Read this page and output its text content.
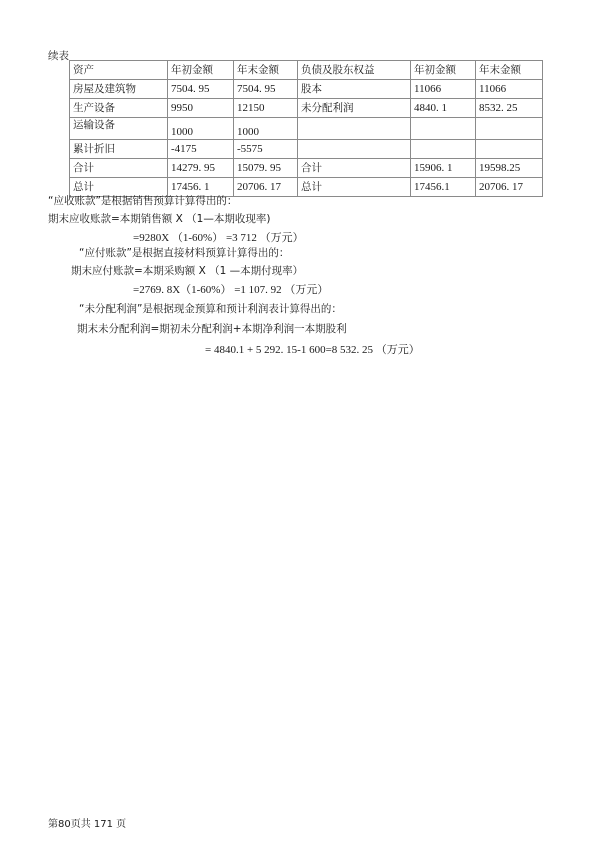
续表
资产	年初金额	年末金额	负债及股东权益	年初金额	年末金额
房屋及建筑物	7504. 95	7504. 95	股本	11066	11066
生产设备	9950	12150	未分配利润	4840. 1	8532. 25
运输设备	1000	1000			
累计折旧	-4175	-5575			
合计	14279. 95	15079. 95	合计	15906. 1	19598.25
总计	17456. 1	20706. 17	总计	17456.1	20706. 17
“应收账款”是根据销售预算计算得出的：
期末应收账款=本期销售额 X （1—本期收现率)
=9280X （1-60%） =3 712 （万元）
“应付账款”是根据直接材料预算计算得出的：
期末应付账款=本期采购额 X （1 —本期付现率）
=2769. 8X（1-60%） =1 107. 92 （万元）
“未分配利润”是根据现金预算和预计利润表计算得出的：
期末未分配利润=期初未分配利润+本期净利润一本期股利
= 4840.1 + 5 292. 15-1 600=8 532. 25 （万元）
第80页共 171 页
